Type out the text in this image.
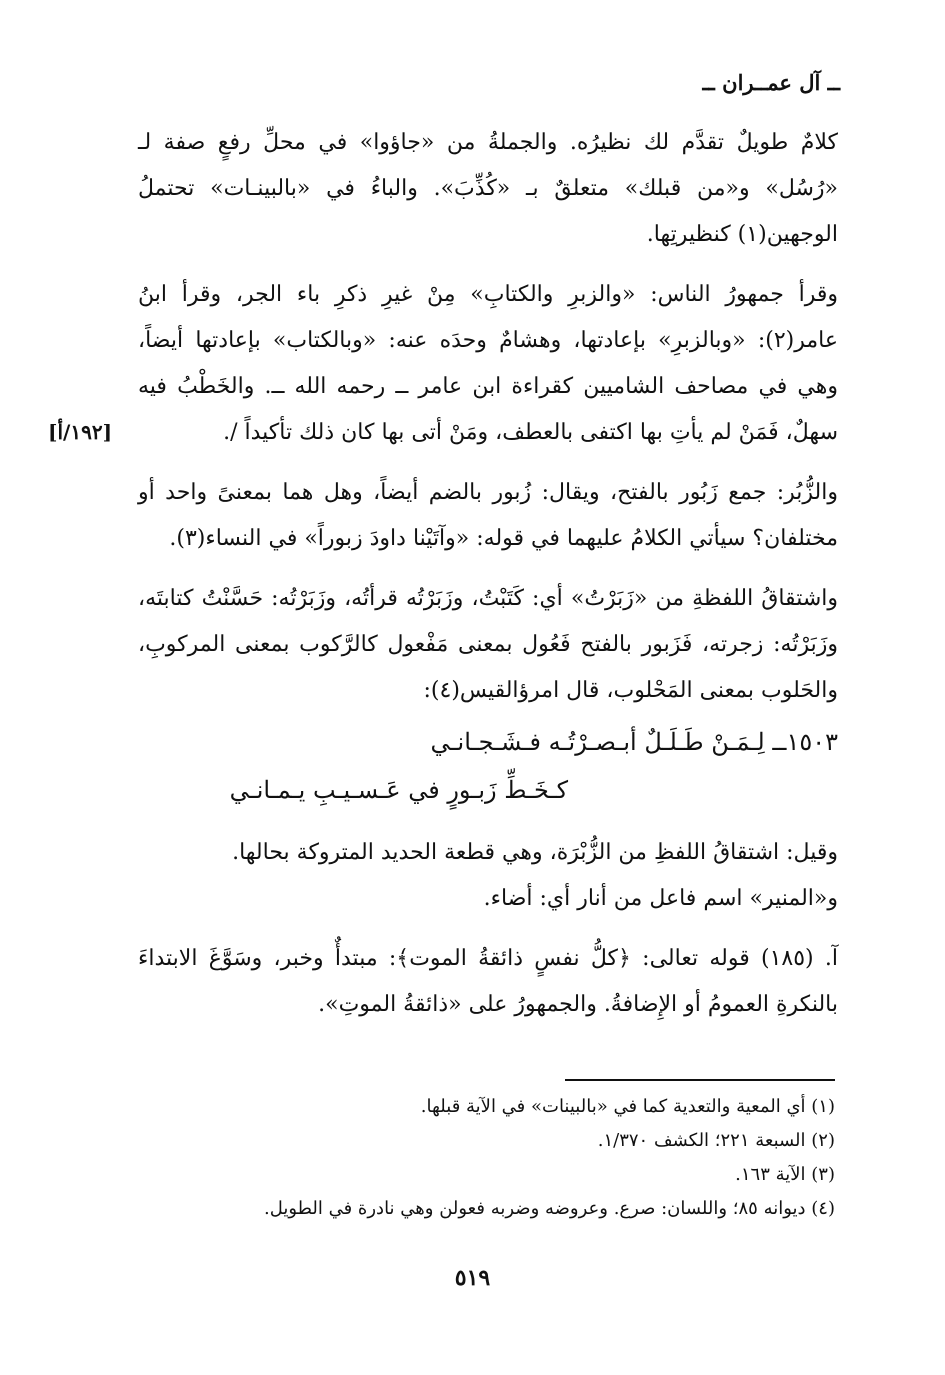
ــ آل عمــران ــ
[١٩٢/أ]

كلامٌ طويلٌ تقدَّم لك نظيرُه. والجملةُ من «جاؤوا» في محلِّ رفعٍ صفة لـ «رُسُل» و«من قبلك» متعلقٌ بـ «كُذِّبَ». والباءُ في «بالبينـات» تحتملُ الوجهين(١) كنظيرتِها.

وقرأ جمهورُ الناس: «والزبرِ والكتابِ» مِنْ غيرِ ذكرِ باء الجر، وقرأ ابنُ عامر(٢): «وبالزبرِ» بإعادتها، وهشامٌ وحدَه عنه: «وبالكتاب» بإعادتها أيضاً، وهي في مصاحف الشاميين كقراءة ابن عامر ــ رحمه الله ــ. والخَطْبُ فيه سهلٌ، فَمَنْ لم يأتِ بها اكتفى بالعطف، ومَنْ أتى بها كان ذلك تأكيداً /.

والزُّبُر: جمع زَبُور بالفتح، ويقال: زُبور بالضم أيضاً، وهل هما بمعنىً واحد أو مختلفان؟ سيأتي الكلامُ عليهما في قوله: «وآتَيْنا داودَ زبوراً» في النساء(٣).

واشتقاقُ اللفظةِ من «زَبَرْتُ» أي: كَتَبْتُ، وزَبَرْتُه قرأتُه، وزَبَرْتُه: حَسَّنْتُ كتابتَه، وزَبَرْتُه: زجرته، فَزَبور بالفتح فَعُول بمعنى مَفْعول كالرَّكوب بمعنى المركوبِ، والحَلوب بمعنى المَحْلوب، قال امرؤالقيس(٤):

١٥٠٣ــ لِـمَـنْ طَـلَـلٌ أبـصـرْتُـه فـشَـجـانـي
كـخَـطِّ زَبـورٍ في عَـسـيـبِ يـمـانـي

وقيل: اشتقاقُ اللفظِ من الزُّبْرَة، وهي قطعة الحديد المتروكة بحالها.

و«المنير» اسم فاعل من أنار أي: أضاء.

آ. (١٨٥) قوله تعالى: ﴿كلُّ نفسٍ ذائقةُ الموت﴾: مبتدأٌ وخبر، وسَوَّغَ الابتداءَ بالنكرةِ العمومُ أو الإِضافةُ. والجمهورُ على «ذائقةُ الموتِ».

(١) أي المعية والتعدية كما في «بالبينات» في الآية قبلها.
(٢) السبعة ٢٢١؛ الكشف ١/٣٧٠.
(٣) الآية ١٦٣.
(٤) ديوانه ٨٥؛ واللسان: صرع. وعروضه وضربه فعولن وهي نادرة في الطويل.
٥١٩
